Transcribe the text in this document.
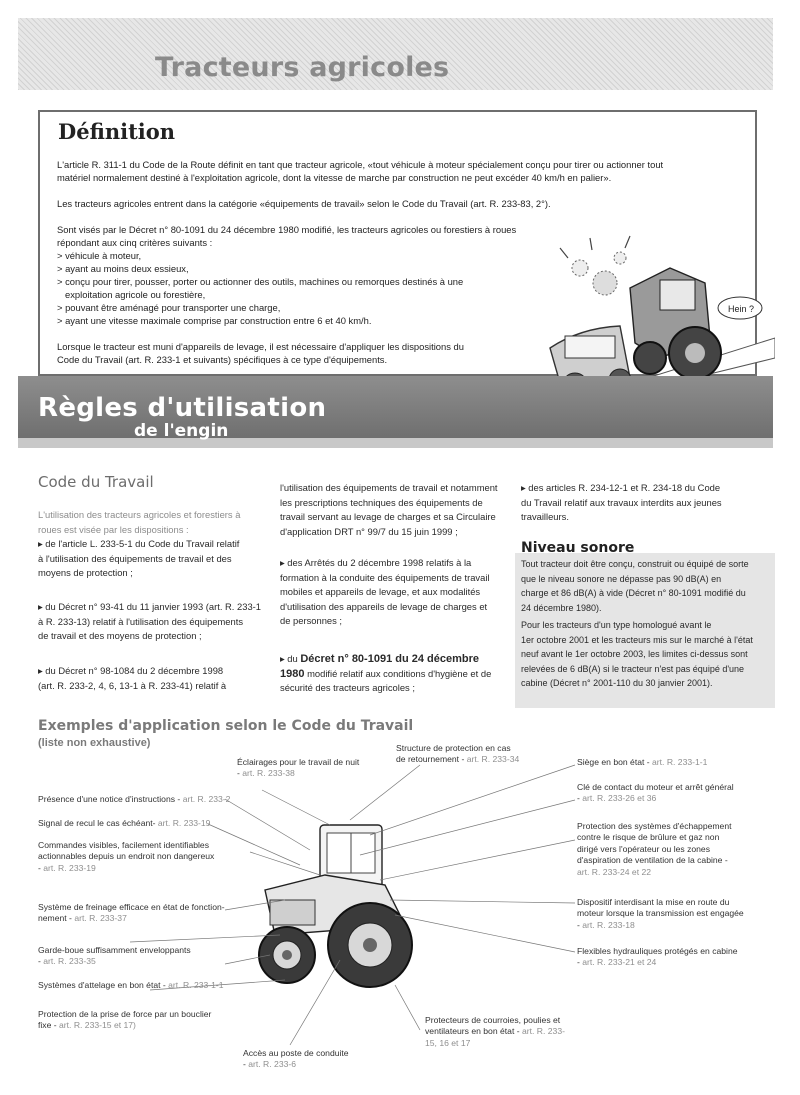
Tracteurs agricoles
Définition
L'article R. 311-1 du Code de la Route définit en tant que tracteur agricole, «tout véhicule à moteur spécialement conçu pour tirer ou actionner tout
matériel normalement destiné à l'exploitation agricole, dont la vitesse de marche par construction ne peut excéder 40 km/h en palier».
Les tracteurs agricoles entrent dans la catégorie «équipements de travail» selon le Code du Travail (art. R. 233-83, 2°).
Sont visés par le Décret n° 80-1091 du 24 décembre 1980 modifié, les tracteurs agricoles ou forestiers à roues
répondant aux cinq critères suivants :
> véhicule à moteur,
> ayant au moins deux essieux,
> conçu pour tirer, pousser, porter ou actionner des outils, machines ou remorques destinés à une
exploitation agricole ou forestière,
> pouvant être aménagé pour transporter une charge,
> ayant une vitesse maximale comprise par construction entre 6 et 40 km/h.
Lorsque le tracteur est muni d'appareils de levage, il est nécessaire d'appliquer les dispositions du
Code du Travail (art. R. 233-1 et suivants) spécifiques à ce type d'équipements.
Hein ?
Règles d'utilisation
de l'engin
Code du Travail
L'utilisation des tracteurs agricoles et forestiers à
roues est visée par les dispositions :
▸ de l'article L. 233-5-1 du Code du Travail relatif
à l'utilisation des équipements de travail et des
moyens de protection ;
▸ du Décret n° 93-41 du 11 janvier 1993 (art. R. 233-1
à R. 233-13) relatif à l'utilisation des équipements
de travail et des moyens de protection ;
▸ du Décret n° 98-1084 du 2 décembre 1998
(art. R. 233-2, 4, 6, 13-1 à R. 233-41) relatif à
l'utilisation des équipements de travail et notamment
les prescriptions techniques des équipements de
travail servant au levage de charges et sa Circulaire
d'application DRT n° 99/7 du 15 juin 1999 ;
▸ des Arrêtés du 2 décembre 1998 relatifs à la
formation à la conduite des équipements de travail
mobiles et appareils de levage, et aux modalités
d'utilisation des appareils de levage de charges et
de personnes ;
▸ du Décret n° 80-1091 du 24 décembre
1980 modifié relatif aux conditions d'hygiène et de
sécurité des tracteurs agricoles ;
▸ des articles R. 234-12-1 et R. 234-18 du Code
du Travail relatif aux travaux interdits aux jeunes
travailleurs.
Niveau sonore
Tout tracteur doit être conçu, construit ou équipé de sorte
que le niveau sonore ne dépasse pas 90 dB(A) en
charge et 86 dB(A) à vide (Décret n° 80-1091 modifié du
24 décembre 1980).
Pour les tracteurs d'un type homologué avant le
1er octobre 2001 et les tracteurs mis sur le marché à l'état
neuf avant le 1er octobre 2003, les limites ci-dessus sont
relevées de 6 dB(A) si le tracteur n'est pas équipé d'une
cabine (Décret n° 2001-110 du 30 janvier 2001).
Exemples d'application selon le Code du Travail
(liste non exhaustive)
Présence d'une notice d'instructions - art. R. 233-2
Signal de recul le cas échéant- art. R. 233-19
Commandes visibles, facilement identifiables
actionnables depuis un endroit non dangereux
- art. R. 233-19
Système de freinage efficace en état de fonction-
nement - art. R. 233-37
Garde-boue suffisamment enveloppants
- art. R. 233-35
Systèmes d'attelage en bon état - art. R. 233-1-1
Protection de la prise de force par un bouclier
fixe - art. R. 233-15 et 17)
Éclairages pour le travail de nuit
- art. R. 233-38
Structure de protection en cas
de retournement - art. R. 233-34
Protecteurs de courroies, poulies et
ventilateurs en bon état - art. R. 233-
15, 16 et 17
Accès au poste de conduite
- art. R. 233-6
Siège en bon état - art. R. 233-1-1
Clé de contact du moteur et arrêt général
- art. R. 233-26 et 36
Protection des systèmes d'échappement
contre le risque de brûlure et gaz non
dirigé vers l'opérateur ou les zones
d'aspiration de ventilation de la cabine -
art. R. 233-24 et 22
Dispositif interdisant la mise en route du
moteur lorsque la transmission est engagée
- art. R. 233-18
Flexibles hydrauliques protégés en cabine
- art. R. 233-21 et 24
